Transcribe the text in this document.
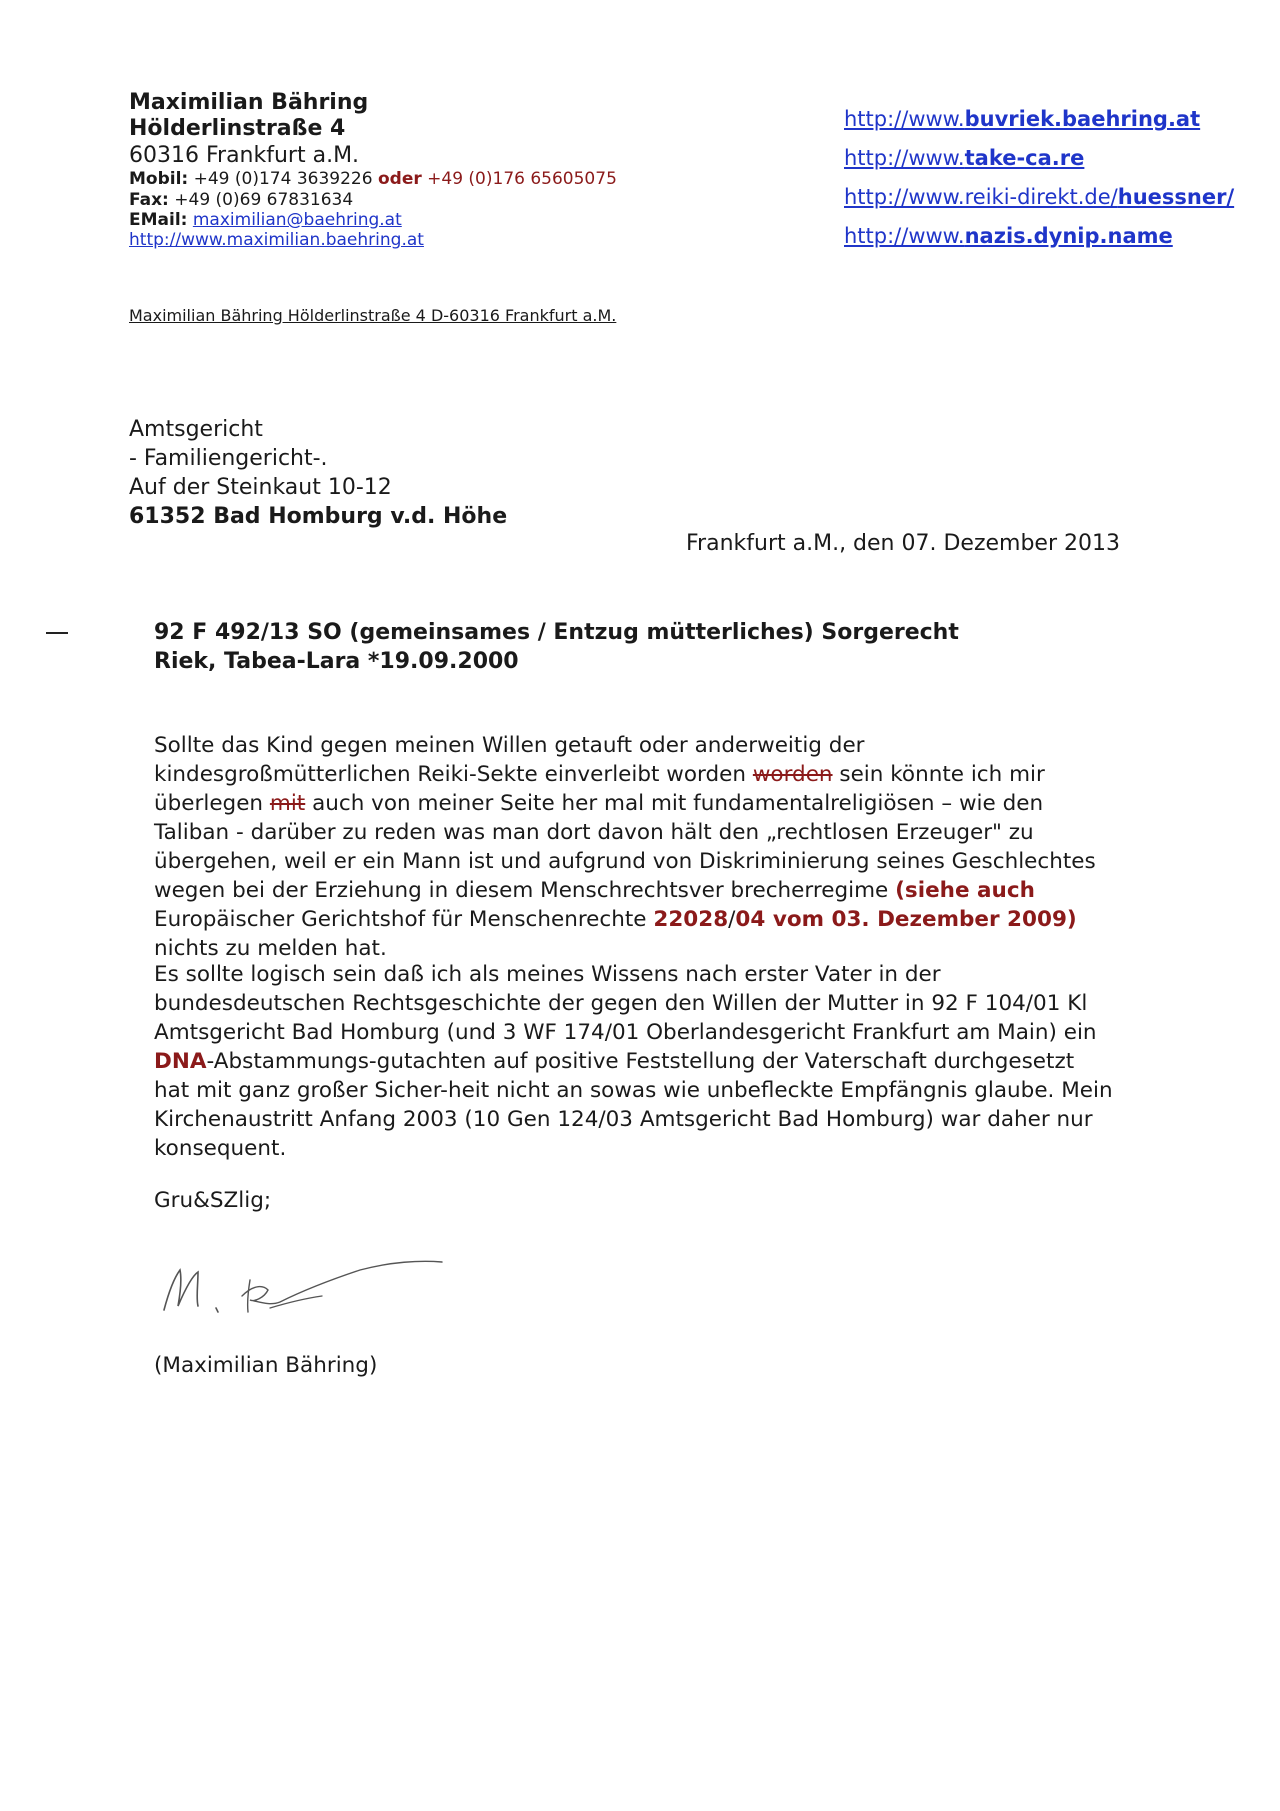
Maximilian Bähring
Hölderlinstraße 4
60316 Frankfurt a.M.
Mobil: +49 (0)174 3639226 oder +49 (0)176 65605075
Fax: +49 (0)69 67831634
EMail: maximilian@baehring.at
http://www.maximilian.baehring.at
http://www.buvriek.baehring.at
http://www.take-ca.re
http://www.reiki-direkt.de/huessner/
http://www.nazis.dynip.name
Maximilian Bähring Hölderlinstraße 4 D-60316 Frankfurt a.M.
Amtsgericht
- Familiengericht-.
Auf der Steinkaut 10-12
61352 Bad Homburg v.d. Höhe
Frankfurt a.M., den 07. Dezember 2013
92 F 492/13 SO (gemeinsames / Entzug mütterliches) Sorgerecht
Riek, Tabea-Lara *19.09.2000
Sollte das Kind gegen meinen Willen getauft oder anderweitig der kindesgroßmütterlichen Reiki-Sekte einverleibt worden worden sein könnte ich mir überlegen mit auch von meiner Seite her mal mit fundamentalreligiösen – wie den Taliban - darüber zu reden was man dort davon hält den „rechtlosen Erzeuger" zu übergehen, weil er ein Mann ist und aufgrund von Diskriminierung seines Geschlechtes wegen bei der Erziehung in diesem Menschrechtsver brecherregime (siehe auch Europäischer Gerichtshof für Menschenrechte 22028/04 vom 03. Dezember 2009) nichts zu melden hat.
Es sollte logisch sein daß ich als meines Wissens nach erster Vater in der bundesdeutschen Rechtsgeschichte der gegen den Willen der Mutter in 92 F 104/01 Kl Amtsgericht Bad Homburg (und 3 WF 174/01 Oberlandesgericht Frankfurt am Main) ein DNA-Abstammungs-gutachten auf positive Feststellung der Vaterschaft durchgesetzt hat mit ganz großer Sicher-heit nicht an sowas wie unbefleckte Empfängnis glaube. Mein Kirchenaustritt Anfang 2003 (10 Gen 124/03 Amtsgericht Bad Homburg) war daher nur konsequent.
Gru&SZlig;
(Maximilian Bähring)
